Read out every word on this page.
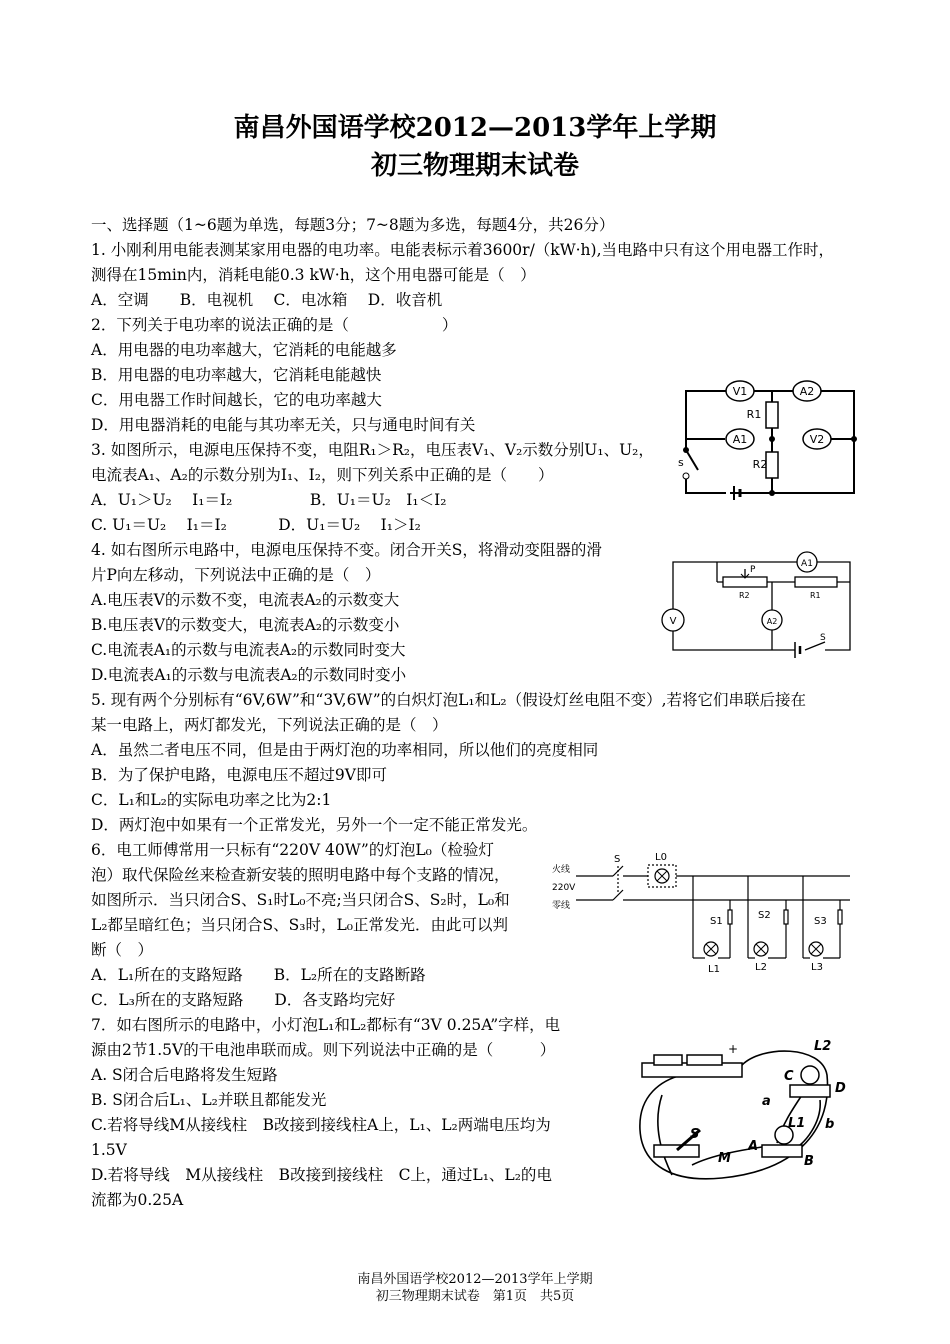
南昌外国语学校2012—2013学年上学期
初三物理期末试卷
一、选择题（1~6题为单选，每题3分；7~8题为多选，每题4分，共26分）
1. 小刚利用电能表测某家用电器的电功率。电能表标示着3600r/（kW·h),当电路中只有这个用电器工作时，
测得在15min内，消耗电能0.3 kW·h，这个用电器可能是（　）
A．空调　　B．电视机　 C．电冰箱　 D．收音机
2．下列关于电功率的说法正确的是（　　　　　　）
A．用电器的电功率越大，它消耗的电能越多
B．用电器的电功率越大，它消耗电能越快
C．用电器工作时间越长，它的电功率越大
D．用电器消耗的电能与其功率无关，只与通电时间有关
3. 如图所示，电源电压保持不变，电阻R₁＞R₂，电压表V₁、V₂示数分别U₁、U₂，
电流表A₁、A₂的示数分别为I₁、I₂，则下列关系中正确的是（　　）
A．U₁＞U₂　 I₁＝I₂　　　　　B．U₁＝U₂　I₁＜I₂
C. U₁＝U₂　 I₁＝I₂　　　 D．U₁＝U₂　 I₁＞I₂
4. 如右图所示电路中，电源电压保持不变。闭合开关S，将滑动变阻器的滑
片P向左移动，下列说法中正确的是（　）
A.电压表V的示数不变，电流表A₂的示数变大
B.电压表V的示数变大，电流表A₂的示数变小
C.电流表A₁的示数与电流表A₂的示数同时变大
D.电流表A₁的示数与电流表A₂的示数同时变小
5. 现有两个分别标有“6V,6W”和“3V,6W”的白炽灯泡L₁和L₂（假设灯丝电阻不变）,若将它们串联后接在
某一电路上，两灯都发光，下列说法正确的是（　）
A．虽然二者电压不同，但是由于两灯泡的功率相同，所以他们的亮度相同
B．为了保护电路，电源电压不超过9V即可
C．L₁和L₂的实际电功率之比为2:1
D．两灯泡中如果有一个正常发光，另外一个一定不能正常发光。
6．电工师傅常用一只标有“220V 40W”的灯泡L₀（检验灯
泡）取代保险丝来检查新安装的照明电路中每个支路的情况，
如图所示．当只闭合S、S₁时L₀不亮;当只闭合S、S₂时，L₀和
L₂都呈暗红色；当只闭合S、S₃时，L₀正常发光．由此可以判
断（　）
A．L₁所在的支路短路　　B．L₂所在的支路断路
C．L₃所在的支路短路　　D．各支路均完好
7．如右图所示的电路中，小灯泡L₁和L₂都标有“3V 0.25A”字样，电
源由2节1.5V的干电池串联而成。则下列说法中正确的是（　　　）
A. S闭合后电路将发生短路
B. S闭合后L₁、L₂并联且都能发光
C.若将导线M从接线柱　B改接到接线柱A上，L₁、L₂两端电压均为
1.5V
D.若将导线　M从接线柱　B改接到接线柱　C上，通过L₁、L₂的电
流都为0.25A
V1	A2
R1
A1	V2
R2
s
A1
P
R2	R1
V	A2
S
S	L0
火线
220V
零线
S1
S2
S3
L1	L2	L3
+	L2
C
D
a
L1 b
S
M
A
B
南昌外国语学校2012—2013学年上学期
初三物理期末试卷　第1页　共5页
